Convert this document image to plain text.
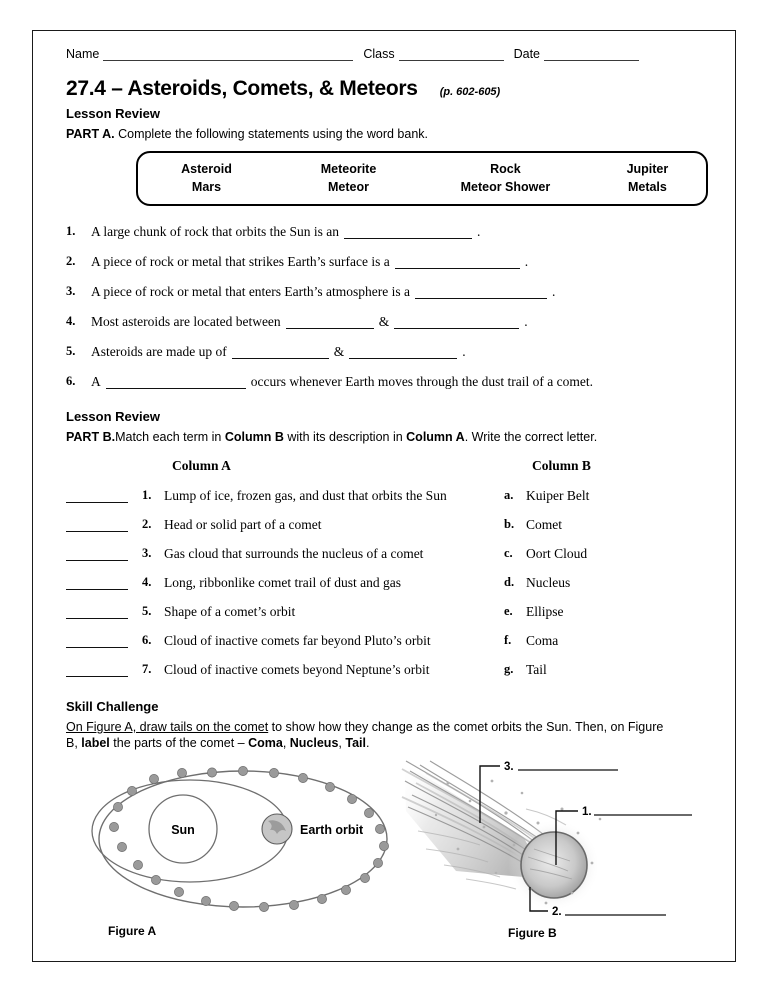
Name	Class	Date
27.4 – Asteroids, Comets, & Meteors (p. 602-605)
Lesson Review
PART A. Complete the following statements using the word bank.
Asteroid	Meteorite	Rock	Jupiter
Mars	Meteor	Meteor Shower	Metals
1.	A large chunk of rock that orbits the Sun is an	.
2.	A piece of rock or metal that strikes Earth’s surface is a	.
3.	A piece of rock or metal that enters Earth’s atmosphere is a	.
4.	Most asteroids are located between	&	.
5.	Asteroids are made up of	&	.
6.	A	occurs whenever Earth moves through the dust trail of a comet.
Lesson Review
PART B.Match each term in Column B with its description in Column A. Write the correct letter.
Column A	Column B
1. Lump of ice, frozen gas, and dust that orbits the Sun	a. Kuiper Belt
2. Head or solid part of a comet	b. Comet
3. Gas cloud that surrounds the nucleus of a comet	c. Oort Cloud
4. Long, ribbonlike comet trail of dust and gas	d. Nucleus
5. Shape of a comet’s orbit	e. Ellipse
6. Cloud of inactive comets far beyond Pluto’s orbit	f.	Coma
7. Cloud of inactive comets beyond Neptune’s orbit	g. Tail
Skill Challenge
On Figure A, draw tails on the comet to show how they change as the comet orbits the Sun. Then, on Figure B, label the parts of the comet – Coma, Nucleus, Tail.
Sun	Earth orbit
3.
1.
2.
Figure A	Figure B
